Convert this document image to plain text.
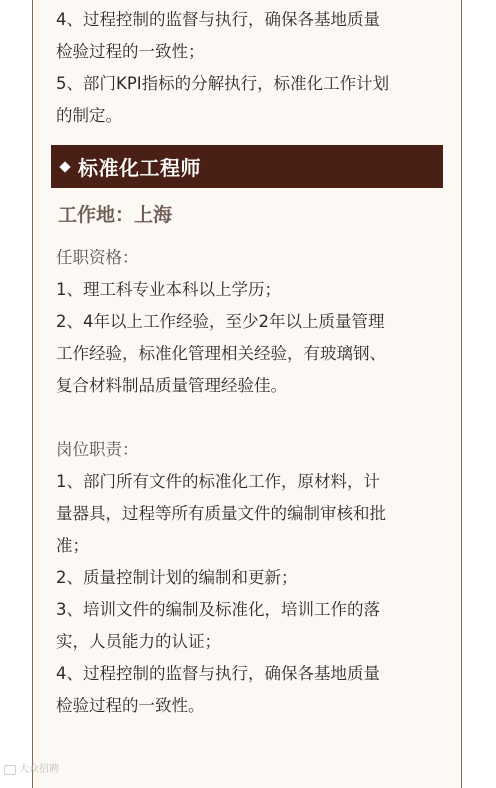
4、过程控制的监督与执行，确保各基地质量

检验过程的一致性；

5、部门KPI指标的分解执行，标准化工作计划

的制定。

标准化工程师
工作地：上海

任职资格：

1、理工科专业本科以上学历；

2、4年以上工作经验，至少2年以上质量管理

工作经验，标准化管理相关经验，有玻璃钢、

复合材料制品质量管理经验佳。

岗位职责：

1、部门所有文件的标准化工作，原材料，计

量器具，过程等所有质量文件的编制审核和批

准；

2、质量控制计划的编制和更新；

3、培训文件的编制及标准化，培训工作的落

实，人员能力的认证；

4、过程控制的监督与执行，确保各基地质量

检验过程的一致性。

大众招聘
